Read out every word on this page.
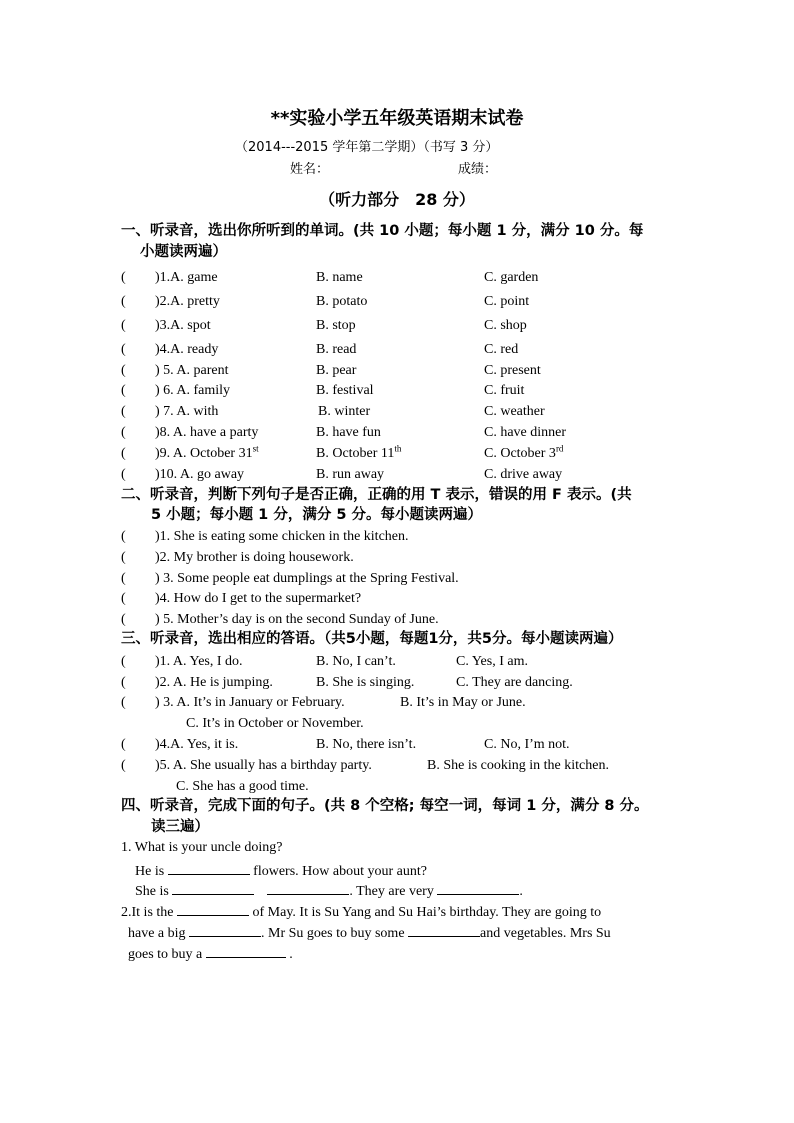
**实验小学五年级英语期末试卷
（2014---2015 学年第二学期）（书写 3 分）
姓名：	成绩：
（听力部分　28 分）
一、听录音，选出你所听到的单词。(共 10 小题；每小题 1 分，满分 10 分。每
小题读两遍）
( )1.A. game	B. name	C. garden
( )2.A. pretty	B. potato	C. point
( )3.A. spot	B. stop	C. shop
( )4.A. ready	B. read	C. red
( ) 5. A. parent	B. pear	C. present
( ) 6. A. family	B. festival	C. fruit
( ) 7. A. with	B. winter	C. weather
( )8. A. have a party	B. have fun	C. have dinner
( )9. A. October 31st	B. October 11th	C. October 3rd
( )10. A. go away	B. run away	C. drive away
二、听录音，判断下列句子是否正确，正确的用 T 表示，错误的用 F 表示。(共
5 小题；每小题 1 分，满分 5 分。每小题读两遍）
( )1. She is eating some chicken in the kitchen.
( )2. My brother is doing housework.
( ) 3. Some people eat dumplings at the Spring Festival.
( )4. How do I get to the supermarket?
( ) 5. Mother’s day is on the second Sunday of June.
三、听录音，选出相应的答语。（共5小题，每题1分，共5分。每小题读两遍）
( )1. A. Yes, I do.	B. No, I can’t.	C. Yes, I am.
( )2. A. He is jumping.	B. She is singing.	C. They are dancing.
( ) 3. A. It’s in January or February.	B. It’s in May or June.
C. It’s in October or November.
( )4.A. Yes, it is.	B. No, there isn’t.	C. No, I’m not.
( )5. A. She usually has a birthday party.	B. She is cooking in the kitchen.
C. She has a good time.
四、听录音，完成下面的句子。(共 8 个空格; 每空一词，每词 1 分，满分 8 分。
读三遍）
1. What is your uncle doing?
He is	flowers. How about your aunt?
She is	. They are very	.
2.It is the	of May. It is Su Yang and Su Hai’s birthday. They are going to
have a big	. Mr Su goes to buy some	and vegetables. Mrs Su
goes to buy a	.
